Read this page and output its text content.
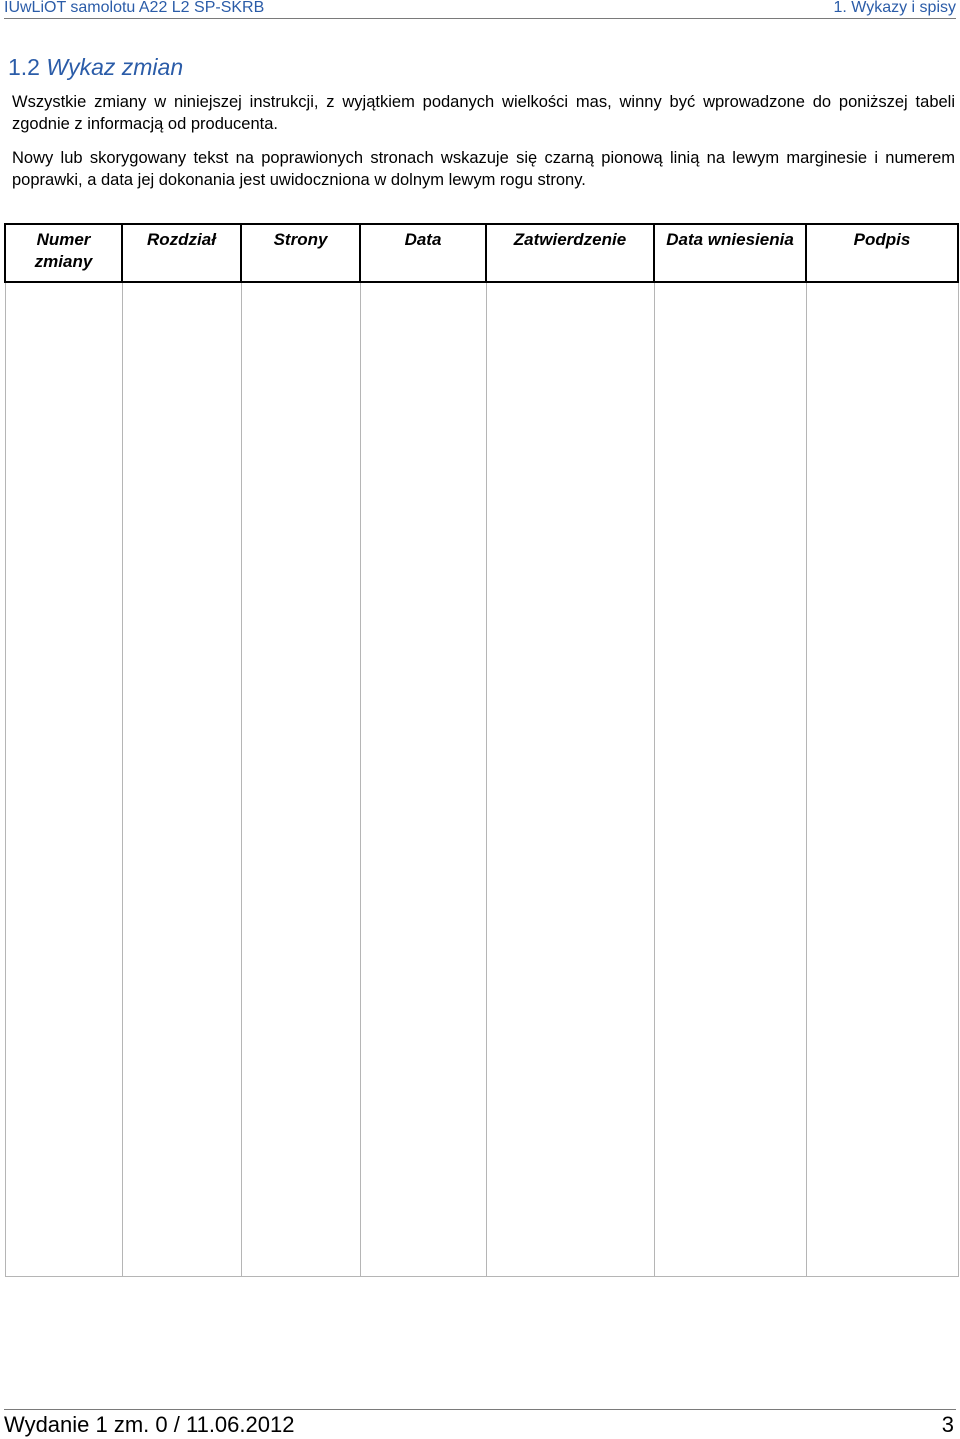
IUwLiOT samolotu A22 L2 SP-SKRB	1. Wykazy i spisy
1.2 Wykaz zmian

Wszystkie zmiany w niniejszej instrukcji, z wyjątkiem podanych wielkości mas, winny być wprowadzone do poniższej tabeli zgodnie z informacją od producenta.

Nowy lub skorygowany tekst na poprawionych stronach wskazuje się czarną pionową linią na lewym marginesie i numerem poprawki, a data jej dokonania jest uwidoczniona w dolnym lewym rogu strony.

Numer zmiany	Rozdział	Strony	Data	Zatwierdzenie	Data wniesienia	Podpis

Wydanie 1 zm. 0 / 11.06.2012	3
